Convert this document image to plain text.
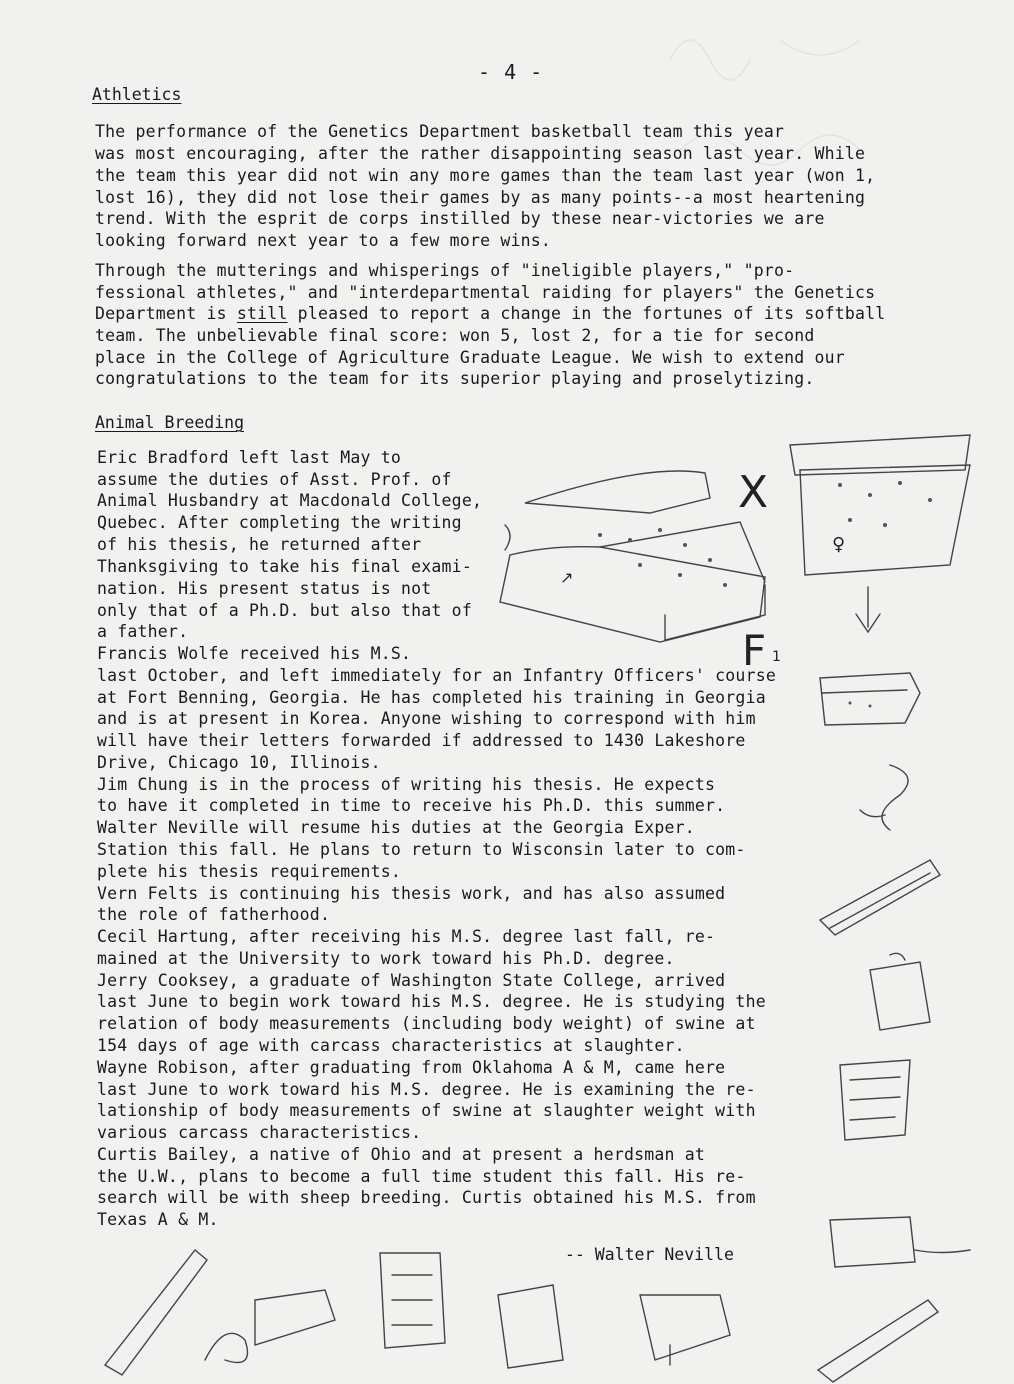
- 4 -
Athletics
The performance of the Genetics Department basketball team this year
was most encouraging, after the rather disappointing season last year. While
the team this year did not win any more games than the team last year (won 1,
lost 16), they did not lose their games by as many points--a most heartening
trend. With the esprit de corps instilled by these near-victories we are
looking forward next year to a few more wins.
Through the mutterings and whisperings of "ineligible players," "pro-
fessional athletes," and "interdepartmental raiding for players" the Genetics
Department is still pleased to report a change in the fortunes of its softball
team. The unbelievable final score: won 5, lost 2, for a tie for second
place in the College of Agriculture Graduate League. We wish to extend our
congratulations to the team for its superior playing and proselytizing.
Animal Breeding
Eric Bradford left last May to
assume the duties of Asst. Prof. of
Animal Husbandry at Macdonald College,
Quebec. After completing the writing
of his thesis, he returned after
Thanksgiving to take his final exami-
nation. His present status is not
only that of a Ph.D. but also that of
a father.
Francis Wolfe received his M.S.
last October, and left immediately for an Infantry Officers' course
at Fort Benning, Georgia. He has completed his training in Georgia
and is at present in Korea. Anyone wishing to correspond with him
will have their letters forwarded if addressed to 1430 Lakeshore
Drive, Chicago 10, Illinois.
Jim Chung is in the process of writing his thesis. He expects
to have it completed in time to receive his Ph.D. this summer.
Walter Neville will resume his duties at the Georgia Exper.
Station this fall. He plans to return to Wisconsin later to com-
plete his thesis requirements.
Vern Felts is continuing his thesis work, and has also assumed
the role of fatherhood.
Cecil Hartung, after receiving his M.S. degree last fall, re-
mained at the University to work toward his Ph.D. degree.
Jerry Cooksey, a graduate of Washington State College, arrived
last June to begin work toward his M.S. degree. He is studying the
relation of body measurements (including body weight) of swine at
154 days of age with carcass characteristics at slaughter.
Wayne Robison, after graduating from Oklahoma A & M, came here
last June to work toward his M.S. degree. He is examining the re-
lationship of body measurements of swine at slaughter weight with
various carcass characteristics.
Curtis Bailey, a native of Ohio and at present a herdsman at
the U.W., plans to become a full time student this fall. His re-
search will be with sheep breeding. Curtis obtained his M.S. from
Texas A & M.
-- Walter Neville
↗
X
F 1
♀
